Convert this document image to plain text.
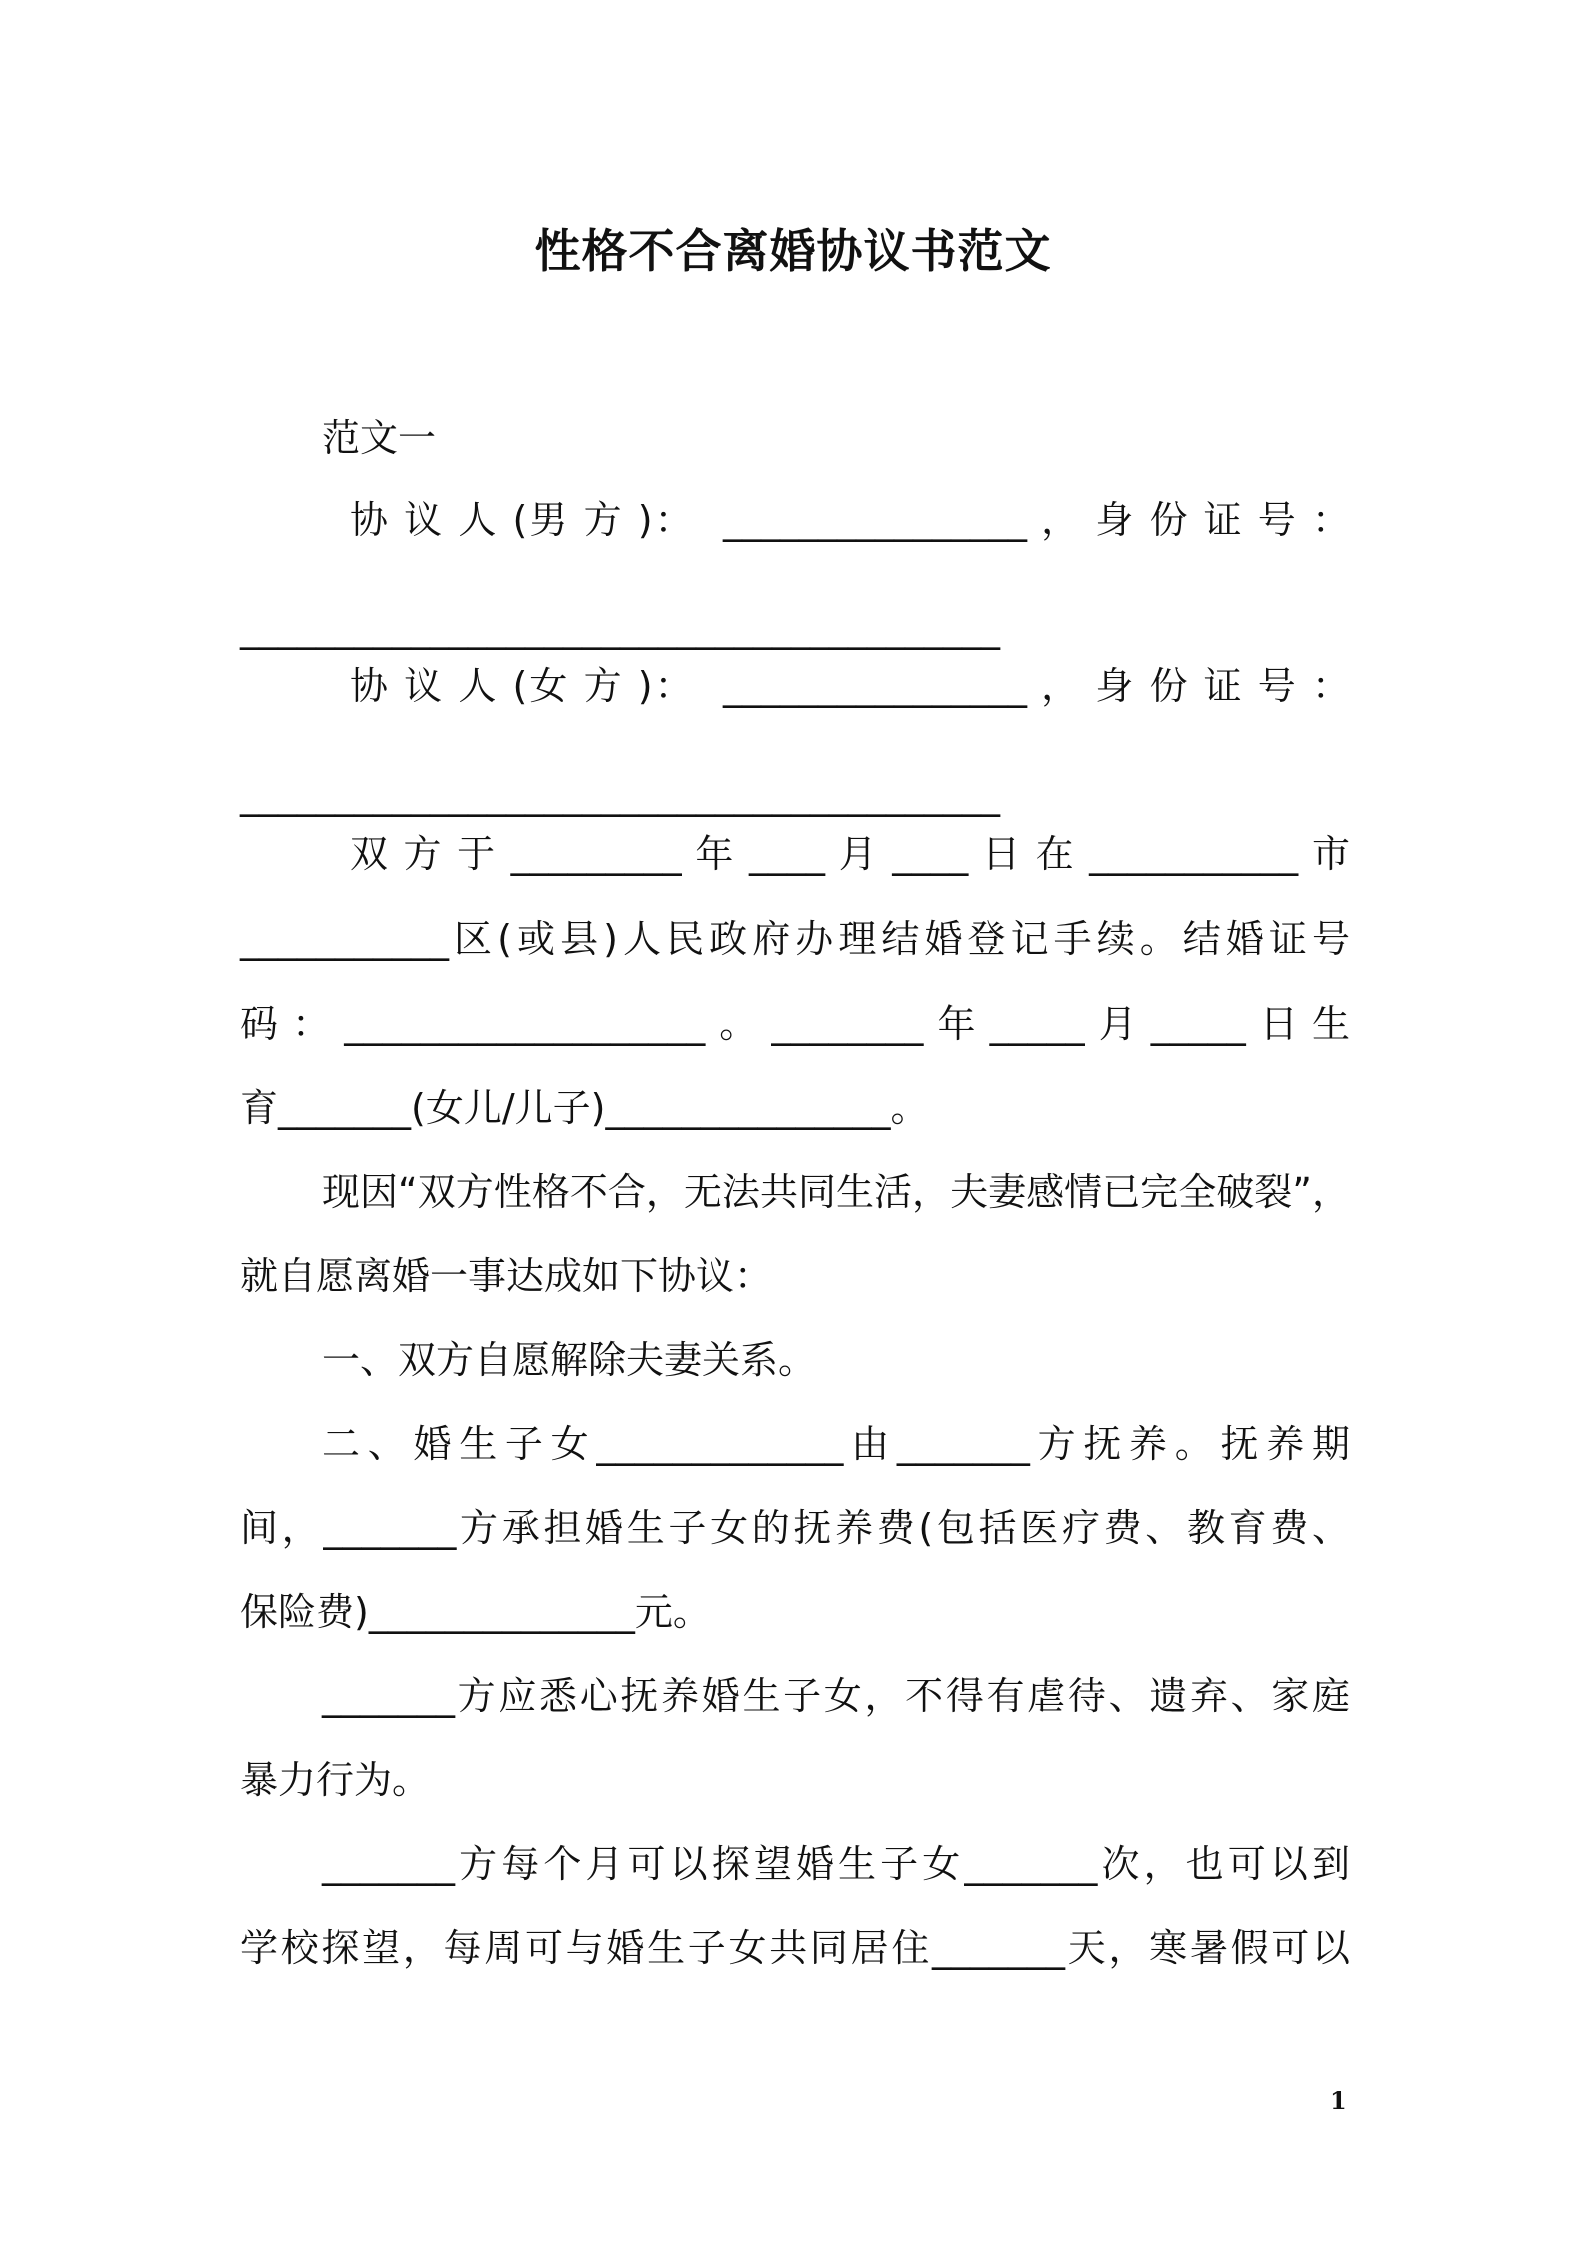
性格不合离婚协议书范文
范文一
协 议 人 (男 方 )：  ________________ ， 身 份 证 号 ：
________________________________________
协 议 人 (女 方 )：  ________________ ， 身 份 证 号 ：
________________________________________
双 方 于 _________ 年 ____ 月 ____ 日 在 ___________ 市
___________区(或县)人民政府办理结婚登记手续。结婚证号
码：___________________。________年_____月_____日生
育_______(女儿/儿子)_______________。
现因“双方性格不合，无法共同生活，夫妻感情已完全破裂”，
就自愿离婚一事达成如下协议：
一、双方自愿解除夫妻关系。
二、婚生子女_____________由_______方抚养。抚养期
间，_______方承担婚生子女的抚养费(包括医疗费、教育费、
保险费)______________元。
_______方应悉心抚养婚生子女，不得有虐待、遗弃、家庭
暴力行为。
_______方每个月可以探望婚生子女_______次，也可以到
学校探望，每周可与婚生子女共同居住_______天，寒暑假可以
1
